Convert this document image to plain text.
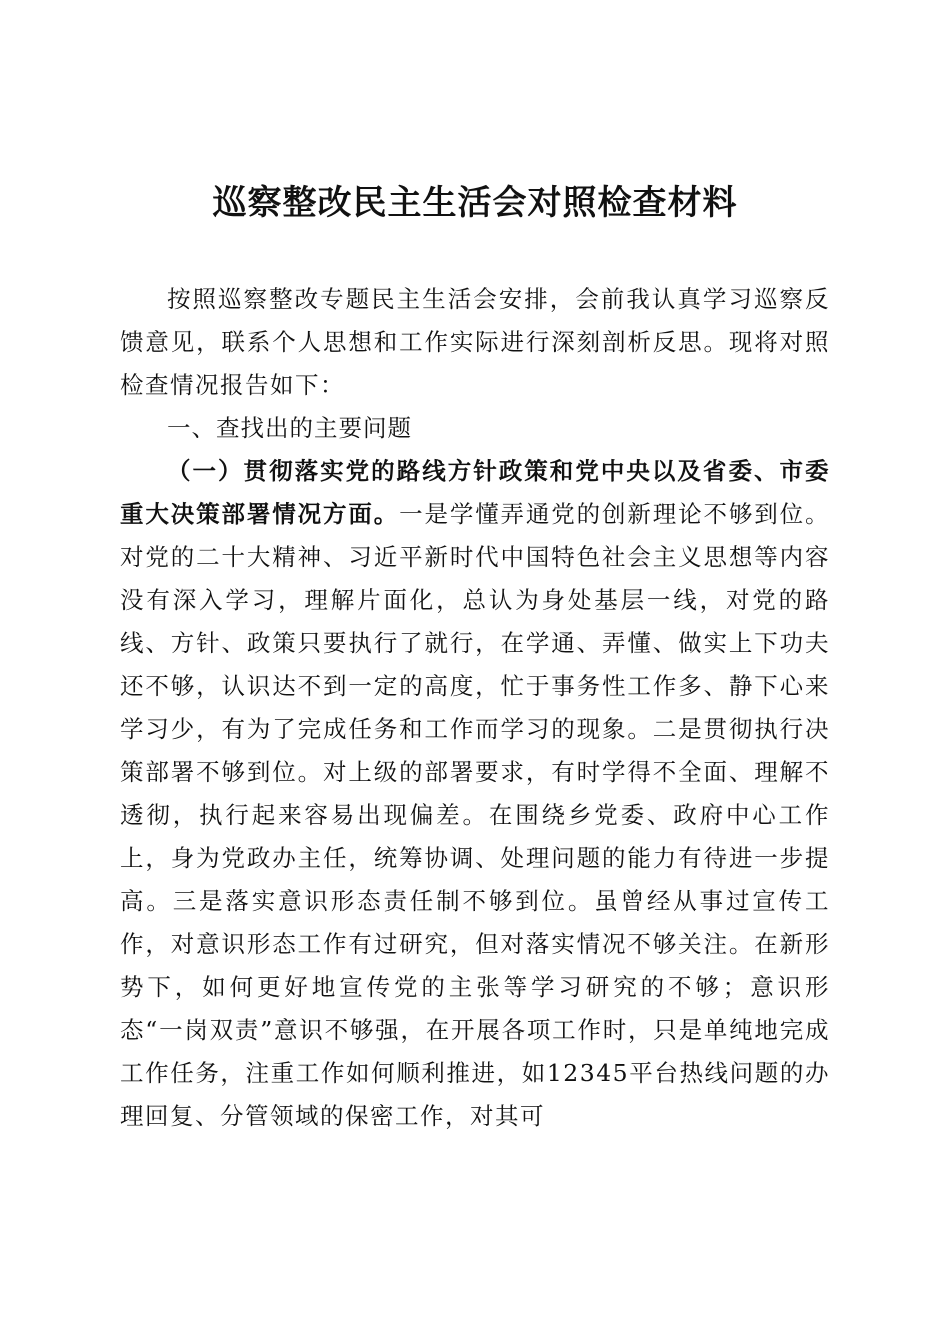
巡察整改民主生活会对照检查材料

按照巡察整改专题民主生活会安排，会前我认真学习巡察反馈意见，联系个人思想和工作实际进行深刻剖析反思。现将对照检查情况报告如下：

一、查找出的主要问题

（一）贯彻落实党的路线方针政策和党中央以及省委、市委重大决策部署情况方面。一是学懂弄通党的创新理论不够到位。对党的二十大精神、习近平新时代中国特色社会主义思想等内容没有深入学习，理解片面化，总认为身处基层一线，对党的路线、方针、政策只要执行了就行，在学通、弄懂、做实上下功夫还不够，认识达不到一定的高度，忙于事务性工作多、静下心来学习少，有为了完成任务和工作而学习的现象。二是贯彻执行决策部署不够到位。对上级的部署要求，有时学得不全面、理解不透彻，执行起来容易出现偏差。在围绕乡党委、政府中心工作上，身为党政办主任，统筹协调、处理问题的能力有待进一步提高。三是落实意识形态责任制不够到位。虽曾经从事过宣传工作，对意识形态工作有过研究，但对落实情况不够关注。在新形势下，如何更好地宣传党的主张等学习研究的不够；意识形态“一岗双责”意识不够强，在开展各项工作时，只是单纯地完成工作任务，注重工作如何顺利推进，如12345平台热线问题的办理回复、分管领域的保密工作，对其可
